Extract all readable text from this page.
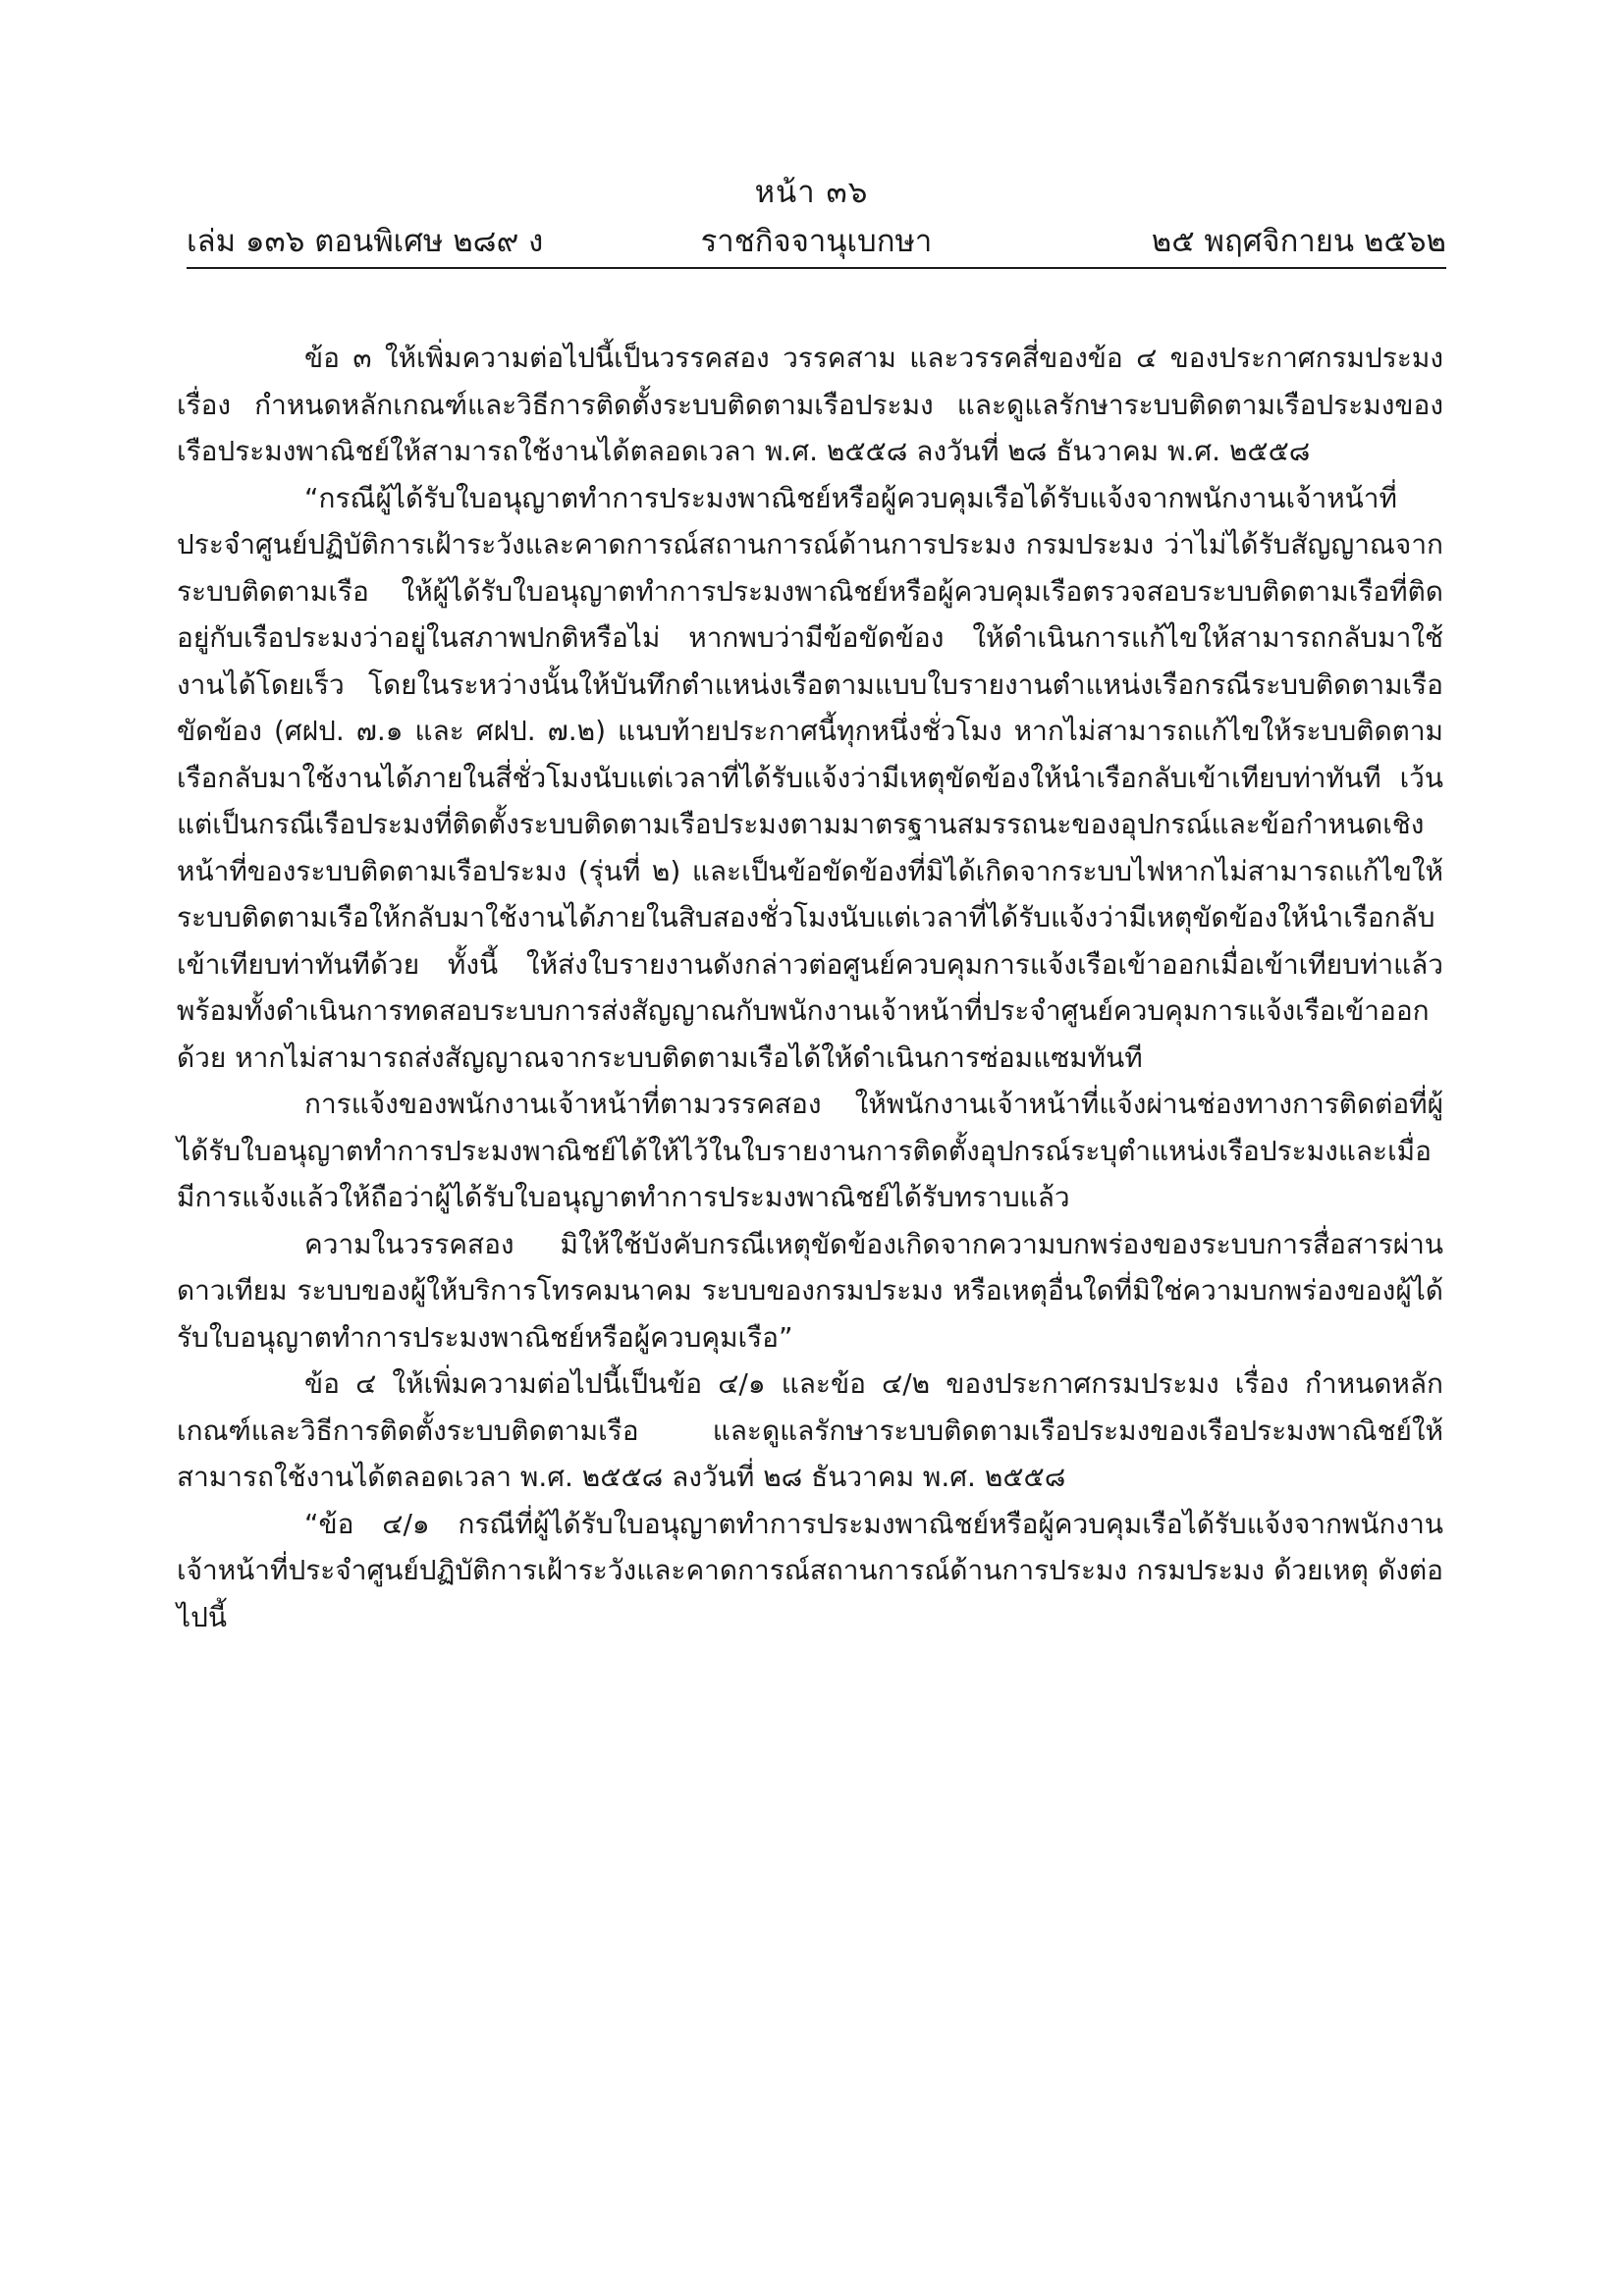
หน้า ๓๖
เล่ม ๑๓๖ ตอนพิเศษ ๒๘๙ ง	ราชกิจจานุเบกษา	๒๕ พฤศจิกายน ๒๕๖๒

ข้อ ๓ ให้เพิ่มความต่อไปนี้เป็นวรรคสอง วรรคสาม และวรรคสี่ของข้อ ๔ ของประกาศกรมประมง เรื่อง กำหนดหลักเกณฑ์และวิธีการติดตั้งระบบติดตามเรือประมง และดูแลรักษาระบบติดตามเรือประมงของเรือประมงพาณิชย์ให้สามารถใช้งานได้ตลอดเวลา พ.ศ. ๒๕๕๘ ลงวันที่ ๒๘ ธันวาคม พ.ศ. ๒๕๕๘

“กรณีผู้ได้รับใบอนุญาตทำการประมงพาณิชย์หรือผู้ควบคุมเรือได้รับแจ้งจากพนักงานเจ้าหน้าที่ประจำศูนย์ปฏิบัติการเฝ้าระวังและคาดการณ์สถานการณ์ด้านการประมง กรมประมง ว่าไม่ได้รับสัญญาณจากระบบติดตามเรือ ให้ผู้ได้รับใบอนุญาตทำการประมงพาณิชย์หรือผู้ควบคุมเรือตรวจสอบระบบติดตามเรือที่ติดอยู่กับเรือประมงว่าอยู่ในสภาพปกติหรือไม่ หากพบว่ามีข้อขัดข้อง ให้ดำเนินการแก้ไขให้สามารถกลับมาใช้งานได้โดยเร็ว โดยในระหว่างนั้นให้บันทึกตำแหน่งเรือตามแบบใบรายงานตำแหน่งเรือกรณีระบบติดตามเรือขัดข้อง (ศฝป. ๗.๑ และ ศฝป. ๗.๒) แนบท้ายประกาศนี้ทุกหนึ่งชั่วโมง หากไม่สามารถแก้ไขให้ระบบติดตามเรือกลับมาใช้งานได้ภายในสี่ชั่วโมงนับแต่เวลาที่ได้รับแจ้งว่ามีเหตุขัดข้องให้นำเรือกลับเข้าเทียบท่าทันที เว้นแต่เป็นกรณีเรือประมงที่ติดตั้งระบบติดตามเรือประมงตามมาตรฐานสมรรถนะของอุปกรณ์และข้อกำหนดเชิงหน้าที่ของระบบติดตามเรือประมง (รุ่นที่ ๒) และเป็นข้อขัดข้องที่มิได้เกิดจากระบบไฟหากไม่สามารถแก้ไขให้ระบบติดตามเรือให้กลับมาใช้งานได้ภายในสิบสองชั่วโมงนับแต่เวลาที่ได้รับแจ้งว่ามีเหตุขัดข้องให้นำเรือกลับเข้าเทียบท่าทันทีด้วย ทั้งนี้ ให้ส่งใบรายงานดังกล่าวต่อศูนย์ควบคุมการแจ้งเรือเข้าออกเมื่อเข้าเทียบท่าแล้ว พร้อมทั้งดำเนินการทดสอบระบบการส่งสัญญาณกับพนักงานเจ้าหน้าที่ประจำศูนย์ควบคุมการแจ้งเรือเข้าออกด้วย หากไม่สามารถส่งสัญญาณจากระบบติดตามเรือได้ให้ดำเนินการซ่อมแซมทันที

การแจ้งของพนักงานเจ้าหน้าที่ตามวรรคสอง ให้พนักงานเจ้าหน้าที่แจ้งผ่านช่องทางการติดต่อที่ผู้ได้รับใบอนุญาตทำการประมงพาณิชย์ได้ให้ไว้ในใบรายงานการติดตั้งอุปกรณ์ระบุตำแหน่งเรือประมงและเมื่อมีการแจ้งแล้วให้ถือว่าผู้ได้รับใบอนุญาตทำการประมงพาณิชย์ได้รับทราบแล้ว

ความในวรรคสอง มิให้ใช้บังคับกรณีเหตุขัดข้องเกิดจากความบกพร่องของระบบการสื่อสารผ่านดาวเทียม ระบบของผู้ให้บริการโทรคมนาคม ระบบของกรมประมง หรือเหตุอื่นใดที่มิใช่ความบกพร่องของผู้ได้รับใบอนุญาตทำการประมงพาณิชย์หรือผู้ควบคุมเรือ”

ข้อ ๔ ให้เพิ่มความต่อไปนี้เป็นข้อ ๔/๑ และข้อ ๔/๒ ของประกาศกรมประมง เรื่อง กำหนดหลักเกณฑ์และวิธีการติดตั้งระบบติดตามเรือ และดูแลรักษาระบบติดตามเรือประมงของเรือประมงพาณิชย์ให้สามารถใช้งานได้ตลอดเวลา พ.ศ. ๒๕๕๘ ลงวันที่ ๒๘ ธันวาคม พ.ศ. ๒๕๕๘

“ข้อ ๔/๑ กรณีที่ผู้ได้รับใบอนุญาตทำการประมงพาณิชย์หรือผู้ควบคุมเรือได้รับแจ้งจากพนักงานเจ้าหน้าที่ประจำศูนย์ปฏิบัติการเฝ้าระวังและคาดการณ์สถานการณ์ด้านการประมง กรมประมง ด้วยเหตุ ดังต่อไปนี้
